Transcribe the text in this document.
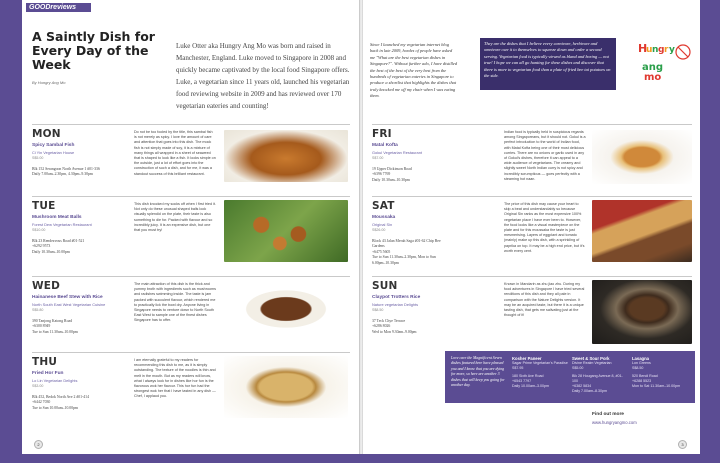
GOODreviews
A Saintly Dish for Every Day of the Week
By Hungry Ang Mo
Luke Otter aka Hungry Ang Mo was born and raised in Manchester, England. Luke moved to Singapore in 2008 and quickly became captivated by the local food Singapore offers. Luke, a vegetarian since 11 years old, launched his vegetarian food reviewing website in 2009 and has reviewed over 170 vegetarian eateries and counting!
Since I launched my vegetarian internet blog back in late 2009, hordes of people have asked me "What are the best vegetarian dishes in Singapore?". Without further ado, I have distilled the best of the best of the very best from the hundreds of vegetarian eateries in Singapore to produce a shortlist that highlights the dishes that truly knocked me off my chair when I was eating them.
They are the dishes that I believe every carnivore, herbivore and omnivore owe it to themselves to squeeze down and order a second serving. Vegetarian food is typically viewed as bland and boring — not true! I hope we can all go hunting for these dishes and discover that there is more to vegetarian food than a plate of fried bee tai potatoes on the side.
H
u n g r y
ang
mo
MON
Spicy Sambal Fish
Ci Yin Vegetarian House
S$5.00
Blk 152 Serangoon North Avenue 1 #01-336
Daily 7.00am–2.30pm, 4.30pm–9.30pm
Do not be too fooled by the title, this sambal fish is not merely as spicy. I love the amount of care and attention that goes into this dish. The mock fish is not simply made of soy, it is a mixture of many things all wrapped in a sheet of seaweed that is shaped to look like a fish. It looks simple on the outside, just a lot of effort goes into the construction of such a dish, and for me, it was a standout success of this brilliant restaurant.
TUE
Mushroom Meat Balls
Forest Dew Vegetarian Restaurant
S$10.00
Blk 23 Rendezvous Road #01-521
+6292 9573
Daily 10.30am–10.00pm
This dish knocked my socks off when I first tried it. Not only do these unusual shaped balls look visually splendid on the plate, their taste is also something to die for. Packed with flavour and so incredibly juicy. It is an expensive dish, but one that you must try!
WED
Hainanese Beef Stew with Rice
North South East West Vegetarian Cuisine
S$5.80
390 Tanjong Katong Road
+6300 8949
Tue to Sun 11.30am–10.00pm
The main attraction of this dish is the thick and yummy broth with ingredients such as mushrooms and radishes swimming inside. The taste is jam packed with succulent flavour, which rendered me to practically lick the bowl dry. Anyone living in Singapore needs to venture down to North South East West to sample one of the finest dishes Singapore has to offer.
THU
Fried Hor Fun
Lo Lin Vegetarian Delights
S$3.00
Blk 452, Bedok North Ave 2 #01-414
+6442 7030
Tue to Sun 10.00am–10.00pm
I am eternally grateful to my readers for recommending this dish to me, as it is simply outstanding. The texture of the noodles is thin and melt in the mouth. But as my readers will know, what I always look for in dishes like hor fun is the flavorous wok her flavour. This hor fun had the strongest wok her that I have tasted in any dish — Chef, I applaud you.
2
FRI
Matal Kofta
Gokul Vegetarian Restaurant
S$7.00
19 Upper Dickinson Road
+6396 7769
Daily 10.30am–10.30pm
Indian food is typically held in suspicious regards among Singaporeans, but it should not. Gokul is a perfect introduction to the world of Indian food, with Matal Kofta being one of their most delicious curries. There are no onions or garlic used in any of Gokul's dishes, therefore it can appeal to a wide audience of vegetarians. The creamy and slightly sweet North Indian curry is not spicy and incredibly scrumptious — goes perfectly with a steaming hot naan.
SAT
Moussaka
Original Sin
S$26.00
Block 43 Jalan Merah Saga #01-62 Chip Bee Gardens
+6475 5605
Tue to Sun 11.30am–2.30pm, Mon to Sun 6.00pm–10.30pm
The price of this dish may cause your heart to skip a beat and understandably so because Original Sin ranks as the most expensive 100% vegetarian place I have ever been to. However, the food looks like a visual masterpiece on the plate and for this moussaka the taste is just mesmerising. Layers of eggplant and tomato (mainly) make up this dish, with a sprinkling of paprika on top. It may be a high end price, but it's worth every cent.
SUN
Claypot Trotters Rice
Nature vegetarian Delights
S$8.50
37 Teck Chye Terrace
+6286 8026
Wed to Mon 9.30am–9.00pm
Known in Mandarin as zhu jiao zhu. During my food adventures in Singapore I have tried several renditions of this dish and they all pale in comparison with the Nature Delights version. It may be an acquired taste, but there it is a unique tasting dish, that gets me salivating just at the thought of it!
Love care the Magnificent Seven dishes featured here have pleased you and I know that you are dying for more, so here are another 3 dishes that will keep you going for another day.
Kosher Paneer
Sagar Prime Vegetarian's Paradise
S$7.95
180 Sixth Ave Road
+6543 7797
Daily 10.00am–3.00pm
Sweet & Sour Pork
Divine Realm Vegetarian
S$5.00
Blk 28 Hougang Avenue 8, #01-100
+6382 5834
Daily 7.00am–8.30pm
Lasagna
Lon Greens
S$8.50
520 Bendi Road
+6288 5523
Mon to Sat 11.30am–10.00pm
Find out more
www.hungryangmo.com
3
